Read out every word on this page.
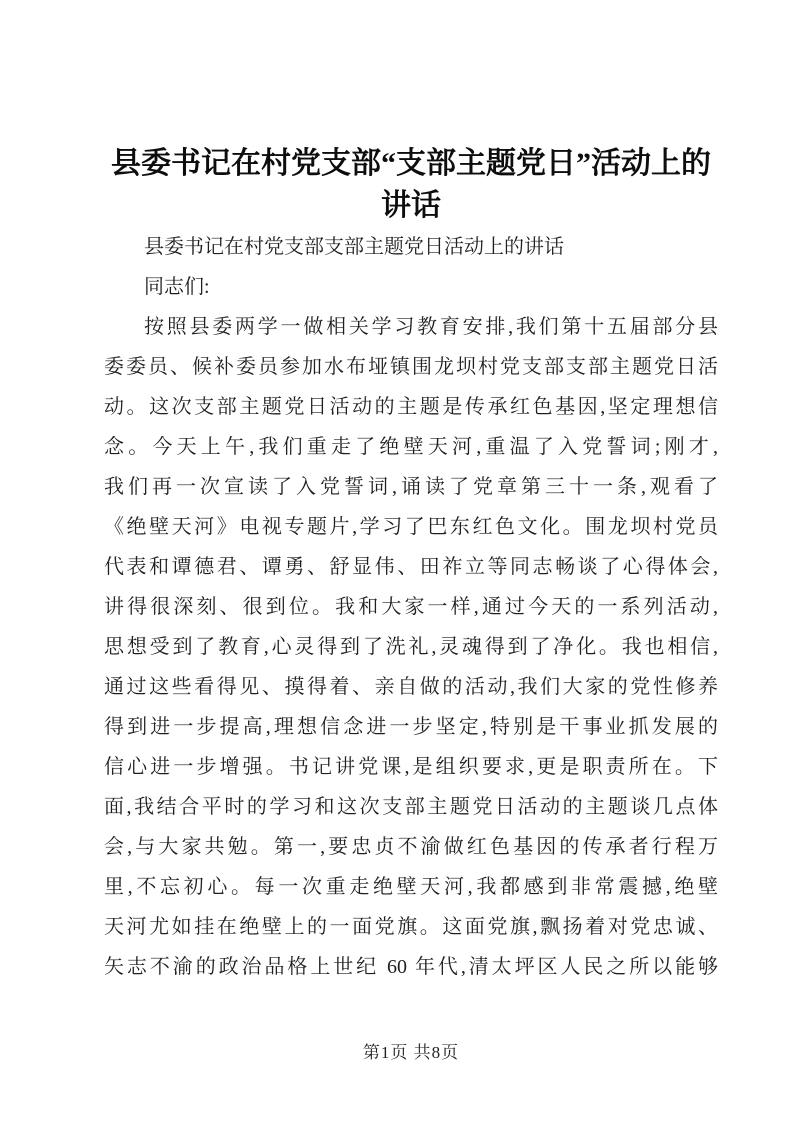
县委书记在村党支部“支部主题党日”活动上的讲话

县委书记在村党支部支部主题党日活动上的讲话

同志们:

按照县委两学一做相关学习教育安排,我们第十五届部分县
委委员、候补委员参加水布垭镇围龙坝村党支部支部主题党日活
动。这次支部主题党日活动的主题是传承红色基因,坚定理想信
念。今天上午,我们重走了绝壁天河,重温了入党誓词;刚才,
我们再一次宣读了入党誓词,诵读了党章第三十一条,观看了
《绝壁天河》电视专题片,学习了巴东红色文化。围龙坝村党员
代表和谭德君、谭勇、舒显伟、田祚立等同志畅谈了心得体会,
讲得很深刻、很到位。我和大家一样,通过今天的一系列活动,
思想受到了教育,心灵得到了洗礼,灵魂得到了净化。我也相信,
通过这些看得见、摸得着、亲自做的活动,我们大家的党性修养
得到进一步提高,理想信念进一步坚定,特别是干事业抓发展的
信心进一步增强。书记讲党课,是组织要求,更是职责所在。下
面,我结合平时的学习和这次支部主题党日活动的主题谈几点体
会,与大家共勉。第一,要忠贞不渝做红色基因的传承者行程万
里,不忘初心。每一次重走绝壁天河,我都感到非常震撼,绝壁
天河尤如挂在绝壁上的一面党旗。这面党旗,飘扬着对党忠诚、
矢志不渝的政治品格上世纪 60 年代,清太坪区人民之所以能够
第1页 共8页
